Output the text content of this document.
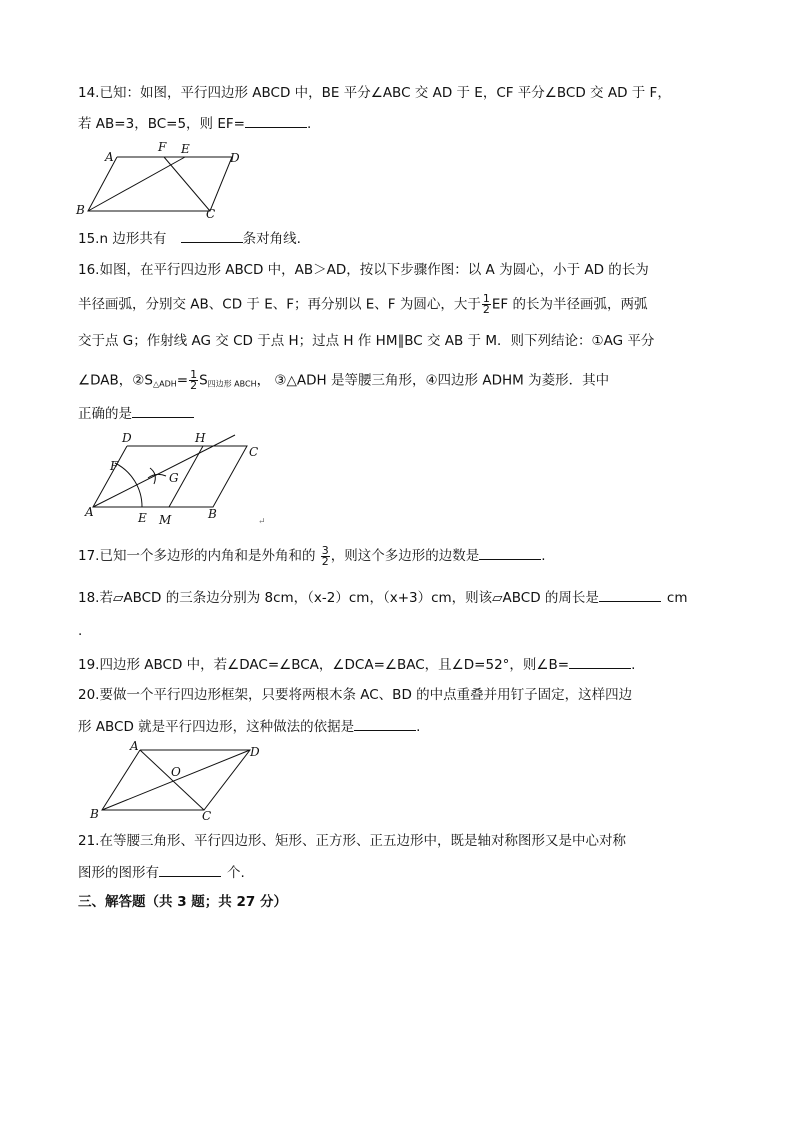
14.已知：如图，平行四边形 ABCD 中，BE 平分∠ABC 交 AD 于 E，CF 平分∠BCD 交 AD 于 F，
若 AB=3，BC=5，则 EF=	.
A
F E
D
B	C
15.n 边形共有	条对角线.
16.如图，在平行四边形 ABCD 中，AB＞AD，按以下步骤作图：以 A 为圆心，小于 AD 的长为
半径画弧，分别交 AB、CD 于 E、F；再分别以 E、F 为圆心，大于 $\frac{1}{2}$ EF 的长为半径画弧，两弧
交于点 G；作射线 AG 交 CD 于点 H；过点 H 作 HM∥BC 交 AB 于 M．则下列结论：①AG 平分
∠DAB，$②S_{\triangle ADH}= \frac{1}{2} S_{四边形 ABCH}$， ③△ADH 是等腰三角形，④四边形 ADHM 为菱形．其中
正确的是
D	H
C
F
G
A	E M	B
↵
17.已知一个多边形的内角和是外角和的 $\frac{3}{2}$ ，则这个多边形的边数是	.
18.若▱ABCD 的三条边分别为 8cm，（x-2）cm，（x+3）cm，则该▱ABCD 的周长是	cm
.
19.四边形 ABCD 中，若∠DAC=∠BCA，∠DCA=∠BAC，且∠D=52°，则∠B=	.
20.要做一个平行四边形框架，只要将两根木条 AC、BD 的中点重叠并用钉子固定，这样四边
形 ABCD 就是平行四边形，这种做法的依据是	.
A	D
O
B	C
21.在等腰三角形、平行四边形、矩形、正方形、正五边形中，既是轴对称图形又是中心对称
图形的图形有	个.
三、解答题（共 3 题；共 27 分）
